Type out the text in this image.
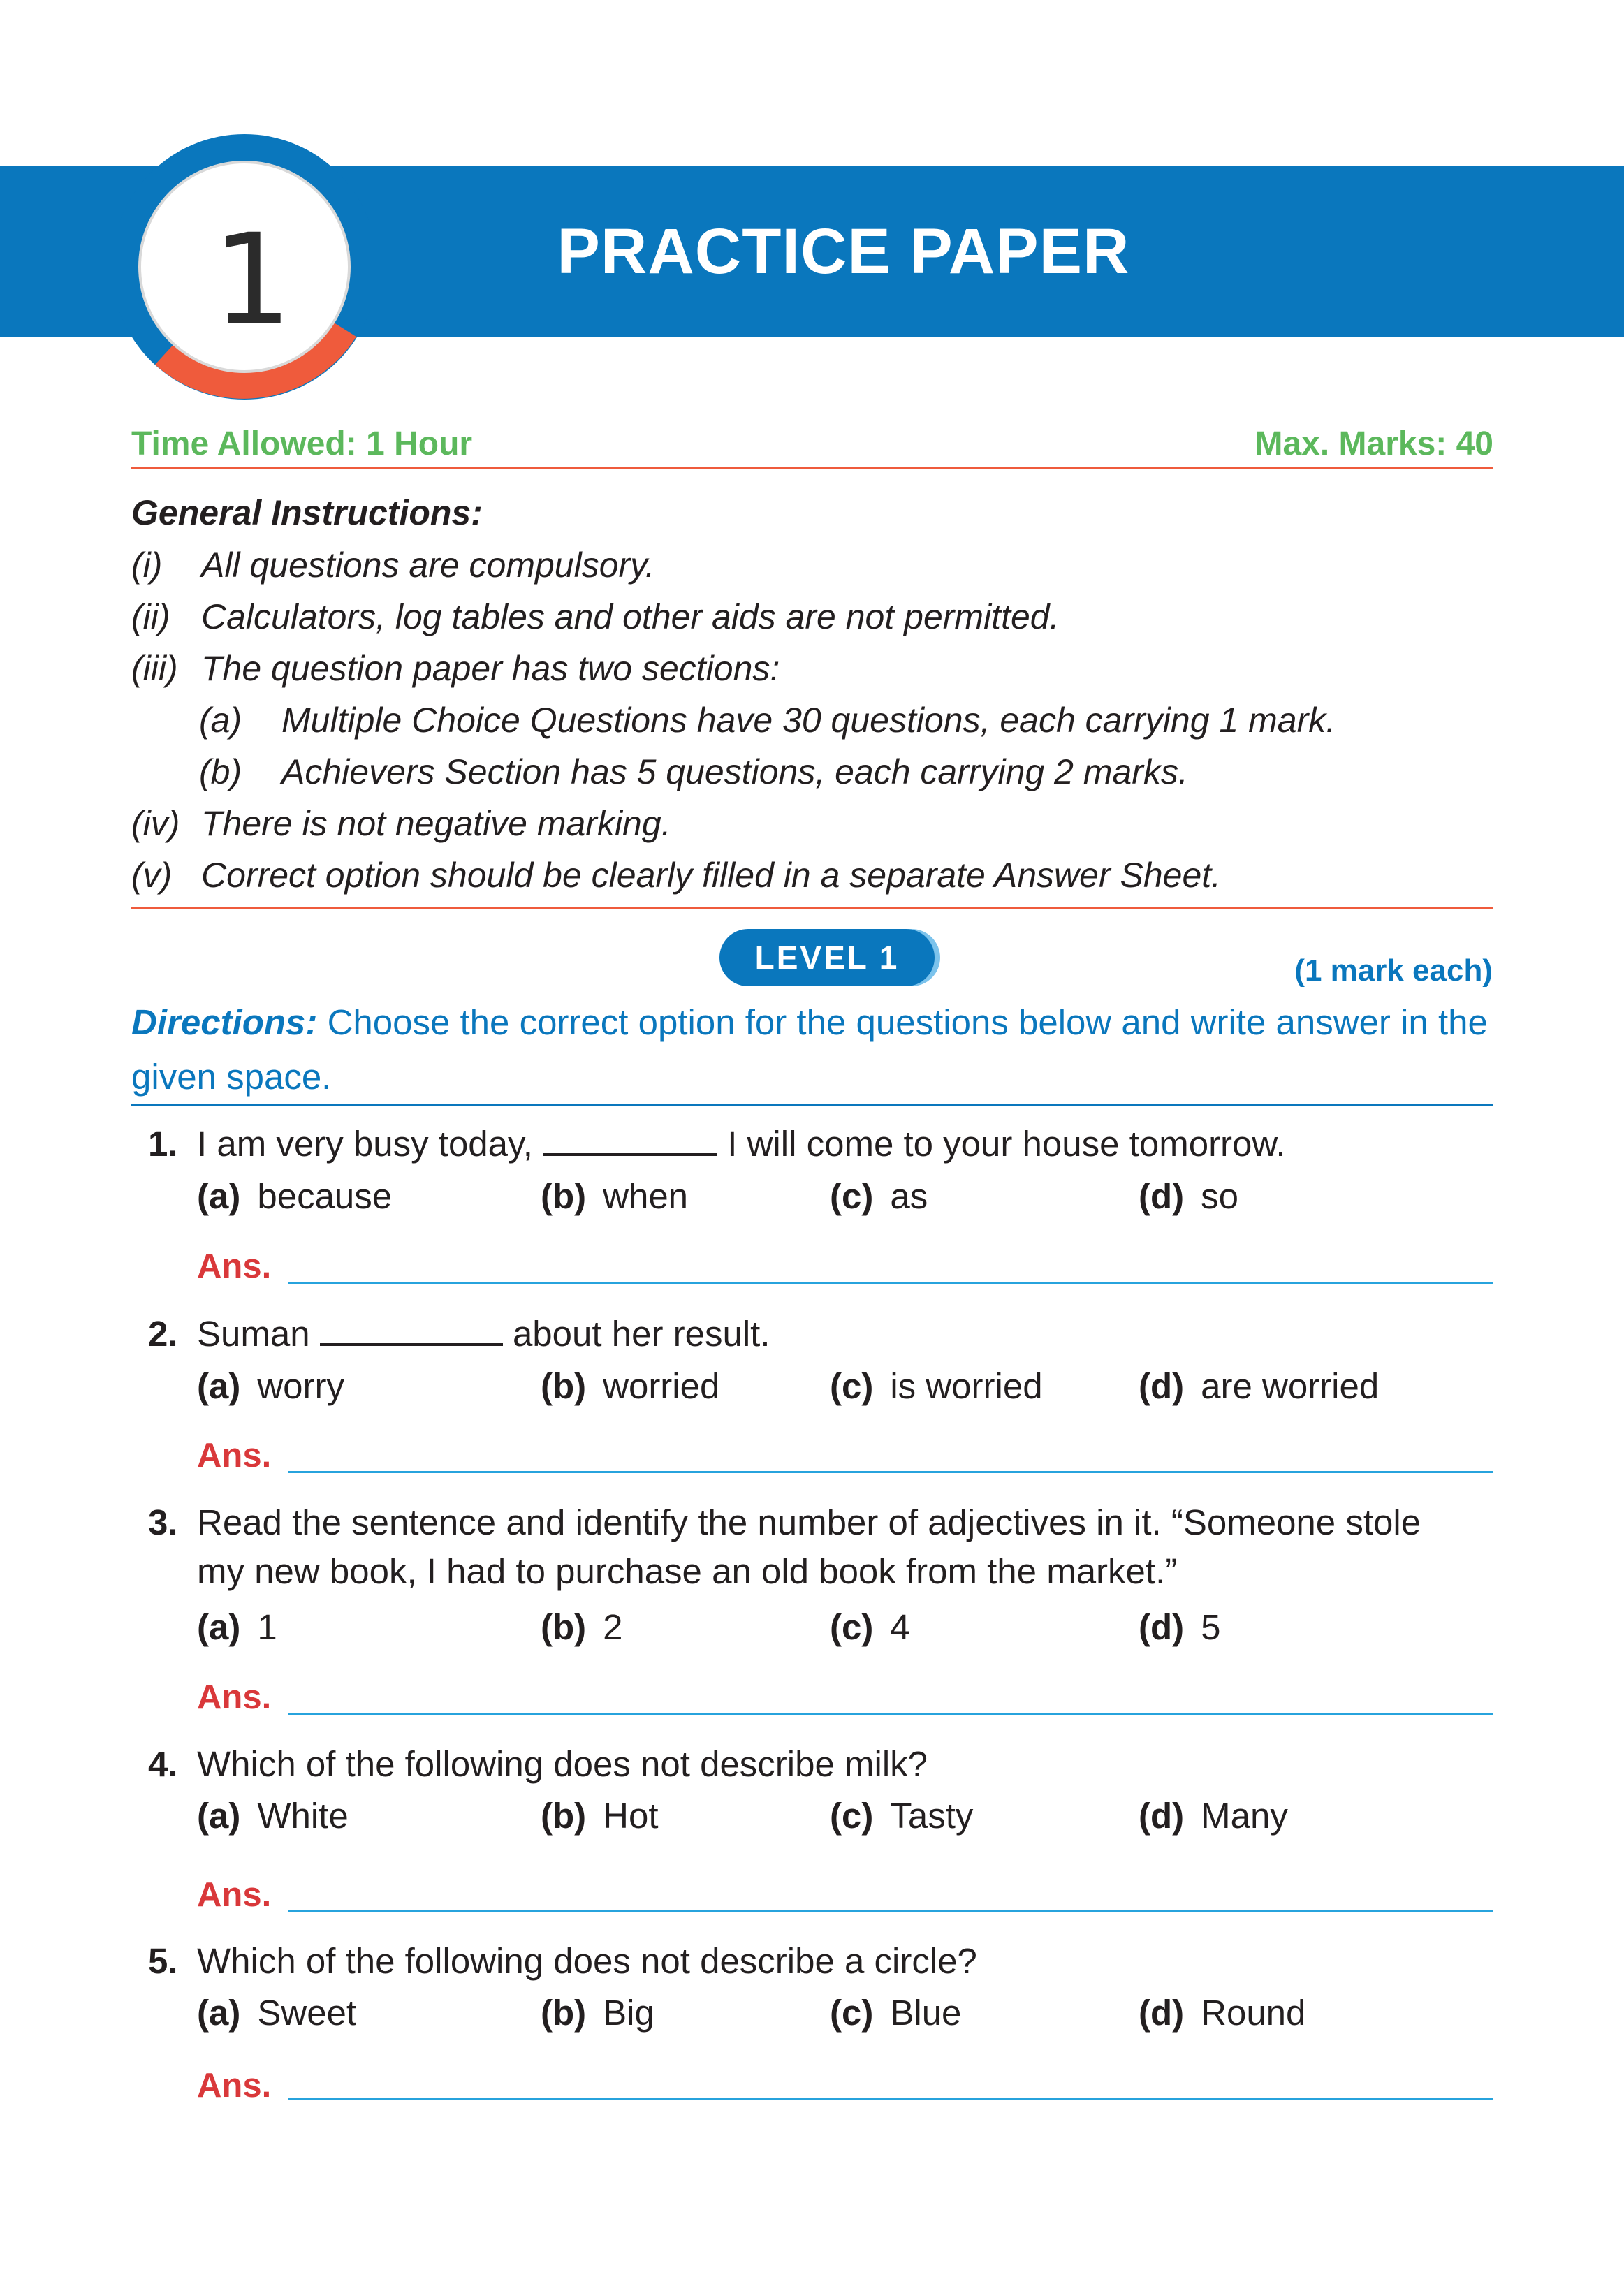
1	PRACTICE PAPER
Time Allowed: 1 Hour	Max. Marks: 40
General Instructions:
(i) All questions are compulsory.
(ii) Calculators, log tables and other aids are not permitted.
(iii) The question paper has two sections:
(a) Multiple Choice Questions have 30 questions, each carrying 1 mark.
(b) Achievers Section has 5 questions, each carrying 2 marks.
(iv) There is not negative marking.
(v) Correct option should be clearly filled in a separate Answer Sheet.
LEVEL 1	(1 mark each)
Directions: Choose the correct option for the questions below and write answer in the given space.
1. I am very busy today,	I will come to your house tomorrow.
(a) because	(b) when	(c) as	(d) so
Ans.
2. Suman	about her result.
(a) worry	(b) worried	(c) is worried	(d) are worried
Ans.
3. Read the sentence and identify the number of adjectives in it. “Someone stole
my new book, I had to purchase an old book from the market.”
(a) 1	(b) 2	(c) 4	(d) 5
Ans.
4. Which of the following does not describe milk?
(a) White	(b) Hot	(c) Tasty	(d) Many
Ans.
5. Which of the following does not describe a circle?
(a) Sweet	(b) Big	(c) Blue	(d) Round
Ans.
